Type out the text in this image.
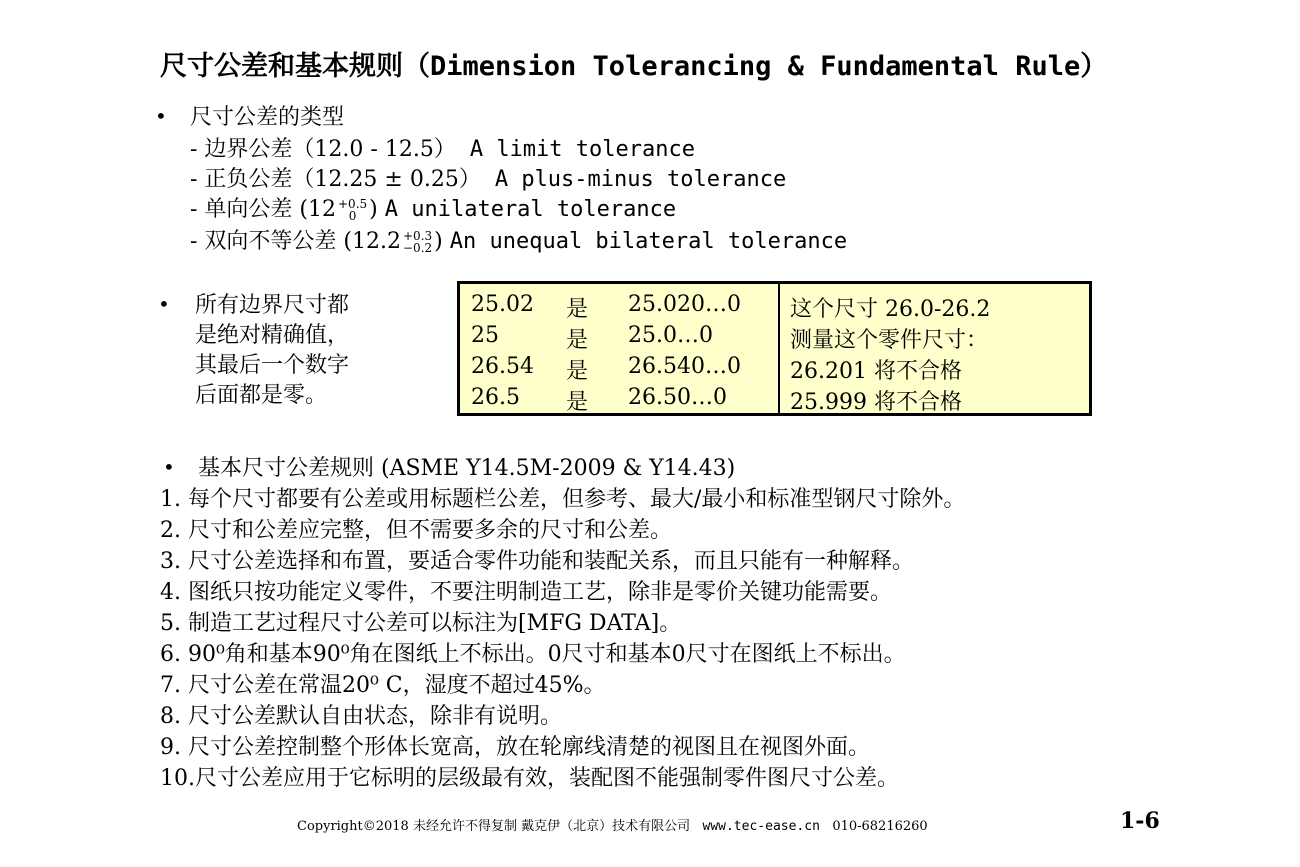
尺寸公差和基本规则（Dimension Tolerancing & Fundamental Rule）
• 尺寸公差的类型
- 边界公差（12.0 - 12.5） A limit tolerance
- 正负公差（12.25 ± 0.25） A plus-minus tolerance
- 单向公差 (12 +0.5
0 ) A unilateral tolerance
- 双向不等公差 (12.2 +0.3
−0.2 ) An unequal bilateral tolerance
• 所有边界尺寸都
是绝对精确值，
其最后一个数字
后面都是零。
25.02 是 25.020…0
25	是 25.0…0
26.54 是 26.540…0
26.5 是 26.50…0
这个尺寸 26.0-26.2
测量这个零件尺寸：
26.201 将不合格
25.999 将不合格
• 基本尺寸公差规则 (ASME Y14.5M-2009 & Y14.43)
1. 每个尺寸都要有公差或用标题栏公差，但参考、最大/最小和标准型钢尺寸除外。
2. 尺寸和公差应完整，但不需要多余的尺寸和公差。
3. 尺寸公差选择和布置，要适合零件功能和装配关系，而且只能有一种解释。
4. 图纸只按功能定义零件，不要注明制造工艺，除非是零价关键功能需要。
5. 制造工艺过程尺寸公差可以标注为[MFG DATA]。
6. 90⁰角和基本90⁰角在图纸上不标出。0尺寸和基本0尺寸在图纸上不标出。
7. 尺寸公差在常温20⁰ C，湿度不超过45%。
8. 尺寸公差默认自由状态，除非有说明。
9. 尺寸公差控制整个形体长宽高，放在轮廓线清楚的视图且在视图外面。
10.尺寸公差应用于它标明的层级最有效，装配图不能强制零件图尺寸公差。
Copyright©2018 未经允许不得复制 戴克伊（北京）技术有限公司 www.tec-ease.cn 010-68216260	1-6
